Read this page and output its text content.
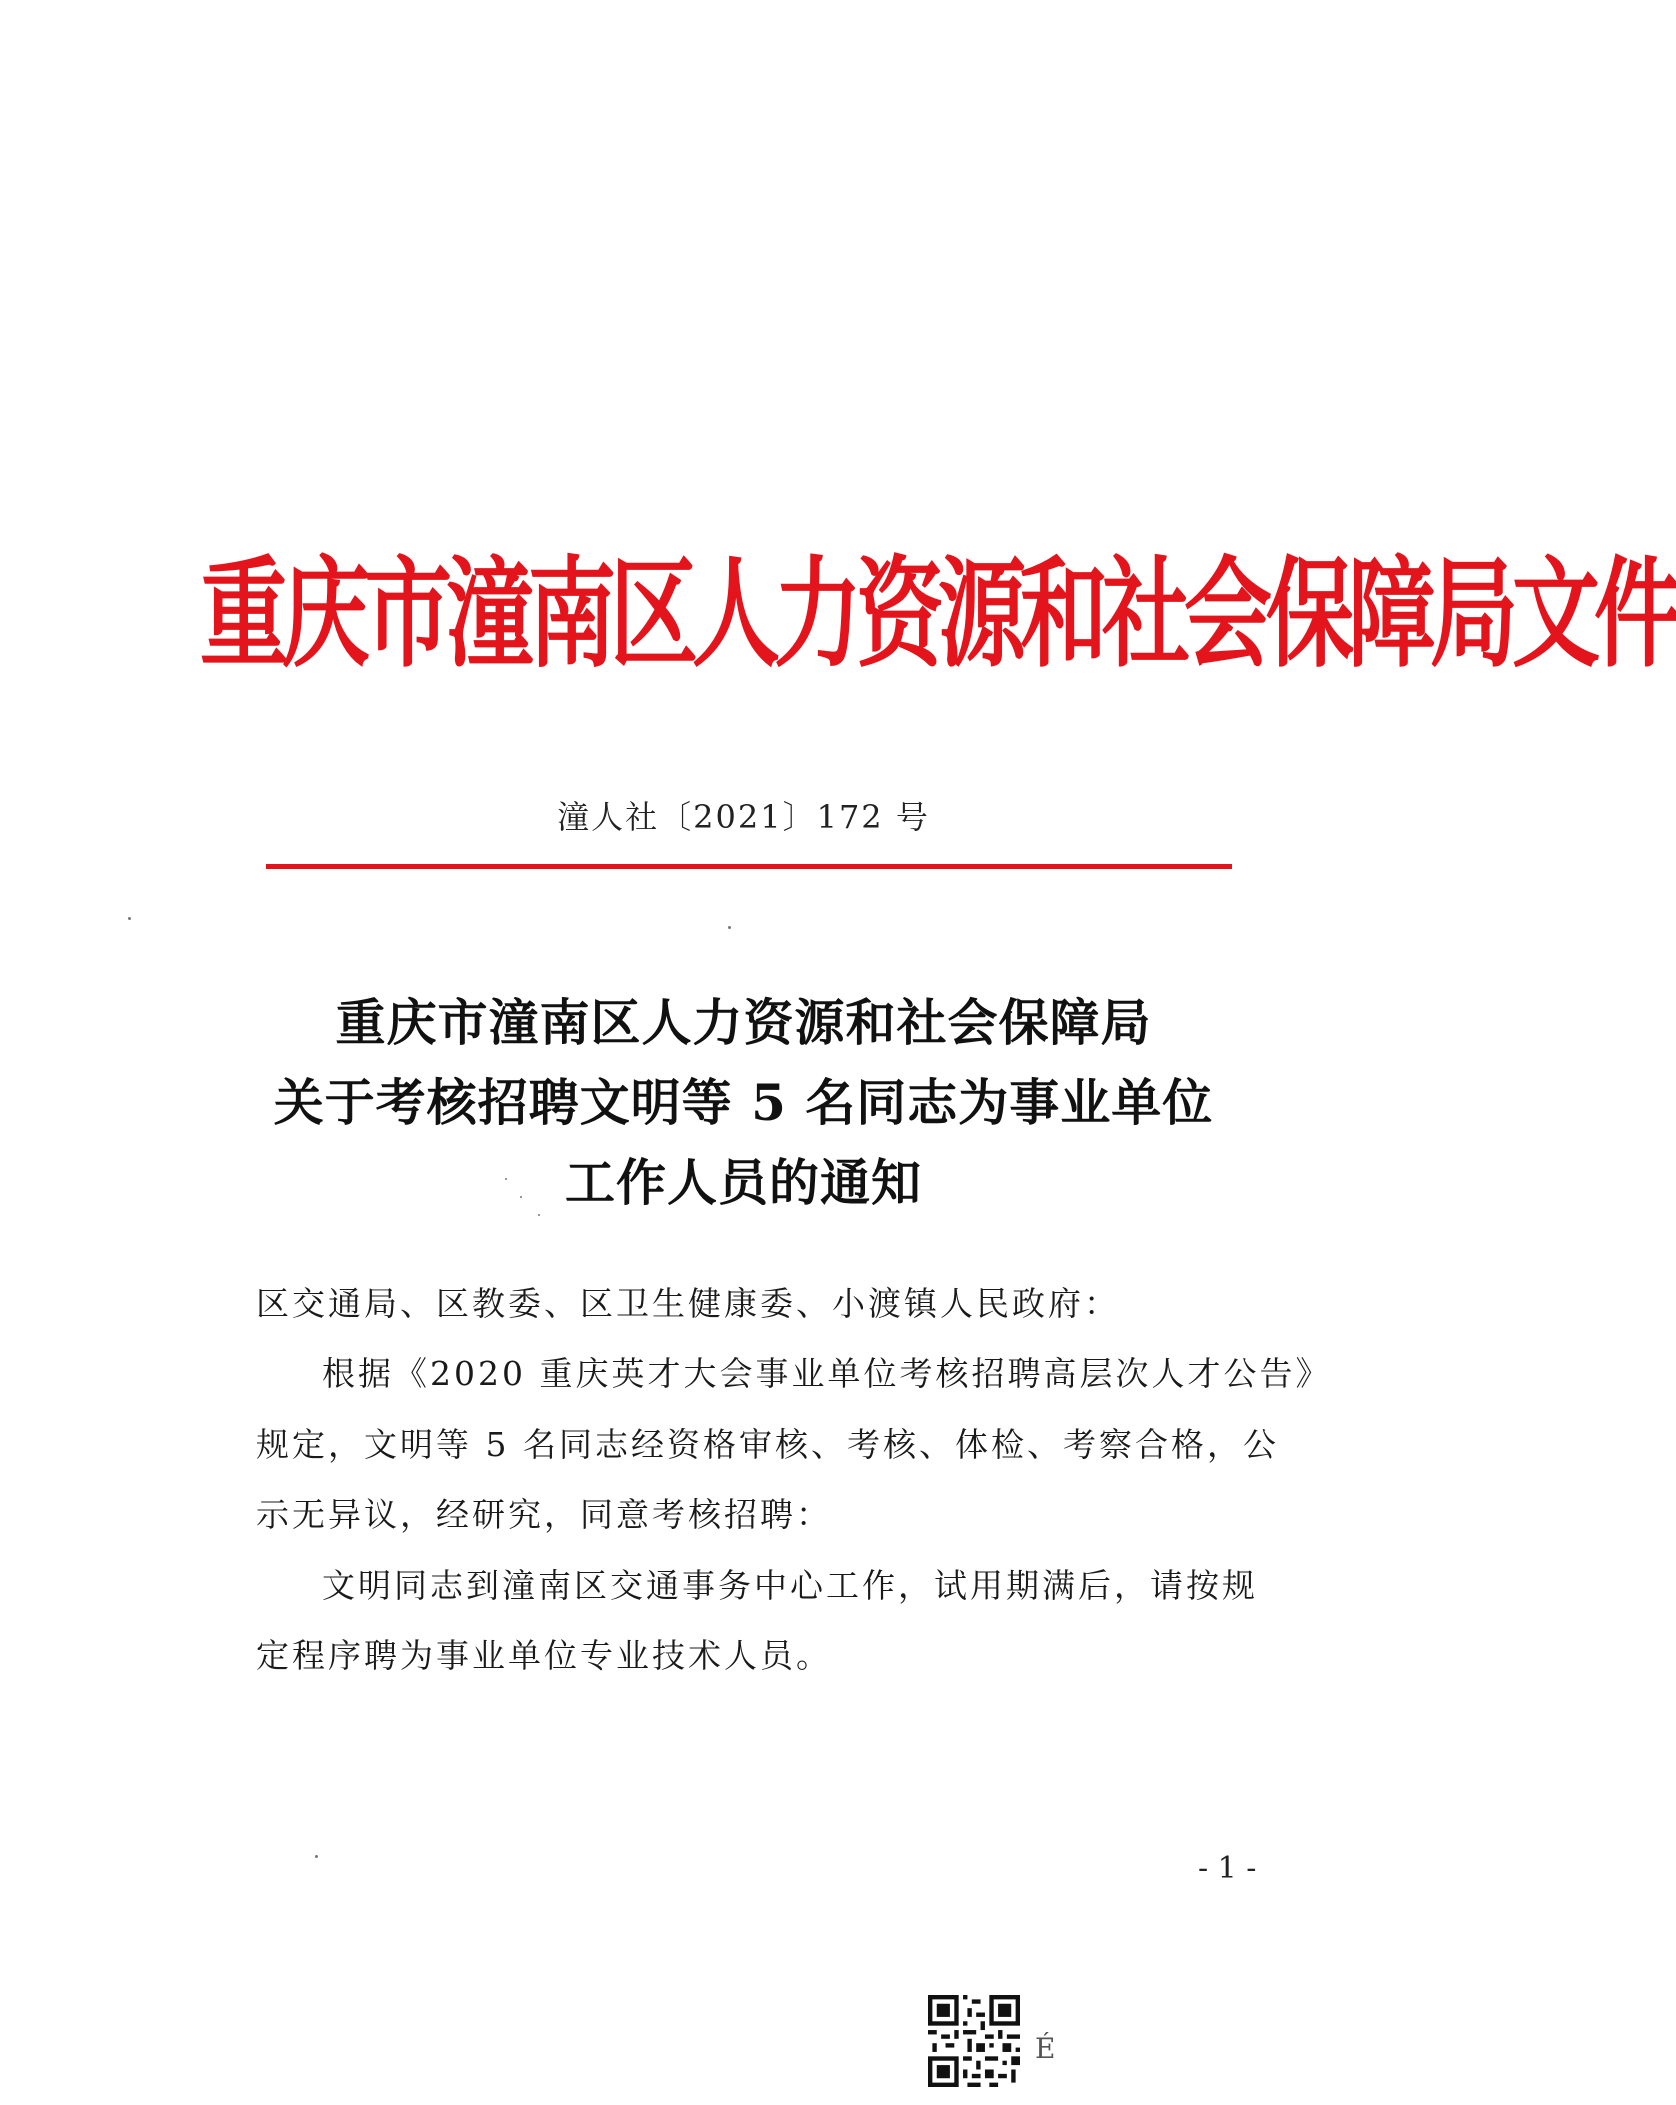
重庆市潼南区人力资源和社会保障局文件
潼人社〔2021〕172 号
重庆市潼南区人力资源和社会保障局
关于考核招聘文明等 5 名同志为事业单位
工作人员的通知
区交通局、区教委、区卫生健康委、小渡镇人民政府：
根据《2020 重庆英才大会事业单位考核招聘高层次人才公告》
规定，文明等 5 名同志经资格审核、考核、体检、考察合格，公
示无异议，经研究，同意考核招聘：
文明同志到潼南区交通事务中心工作，试用期满后，请按规
定程序聘为事业单位专业技术人员。
- 1 -
É
